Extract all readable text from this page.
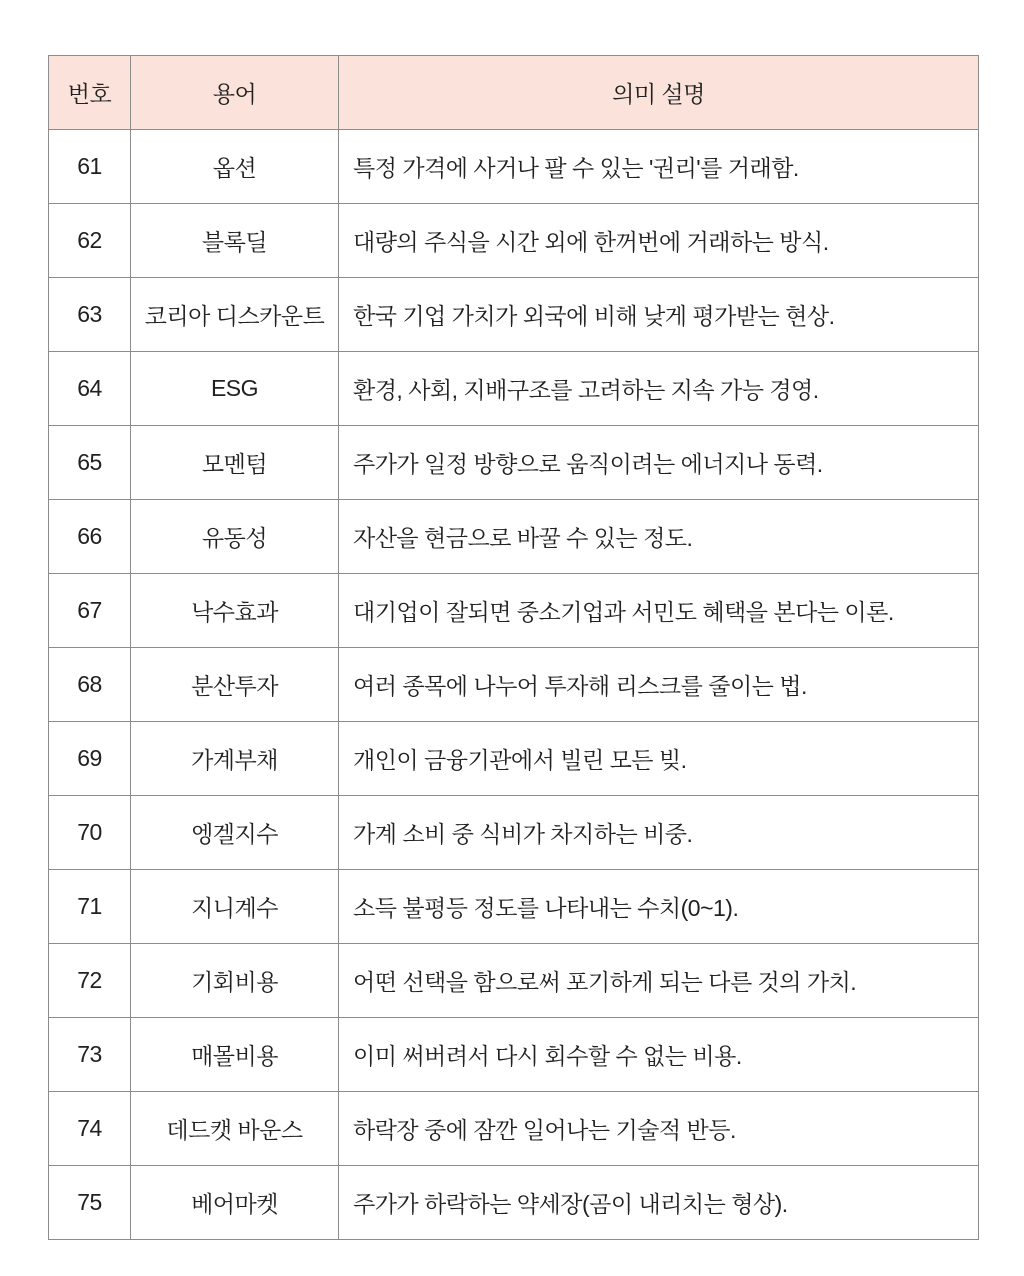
번호	용어	의미 설명
61	옵션	특정 가격에 사거나 팔 수 있는 '권리'를 거래함.
62	블록딜	대량의 주식을 시간 외에 한꺼번에 거래하는 방식.
63	코리아 디스카운트	한국 기업 가치가 외국에 비해 낮게 평가받는 현상.
64	ESG	환경, 사회, 지배구조를 고려하는 지속 가능 경영.
65	모멘텀	주가가 일정 방향으로 움직이려는 에너지나 동력.
66	유동성	자산을 현금으로 바꿀 수 있는 정도.
67	낙수효과	대기업이 잘되면 중소기업과 서민도 혜택을 본다는 이론.
68	분산투자	여러 종목에 나누어 투자해 리스크를 줄이는 법.
69	가계부채	개인이 금융기관에서 빌린 모든 빚.
70	엥겔지수	가계 소비 중 식비가 차지하는 비중.
71	지니계수	소득 불평등 정도를 나타내는 수치(0~1).
72	기회비용	어떤 선택을 함으로써 포기하게 되는 다른 것의 가치.
73	매몰비용	이미 써버려서 다시 회수할 수 없는 비용.
74	데드캣 바운스	하락장 중에 잠깐 일어나는 기술적 반등.
75	베어마켓	주가가 하락하는 약세장(곰이 내리치는 형상).
